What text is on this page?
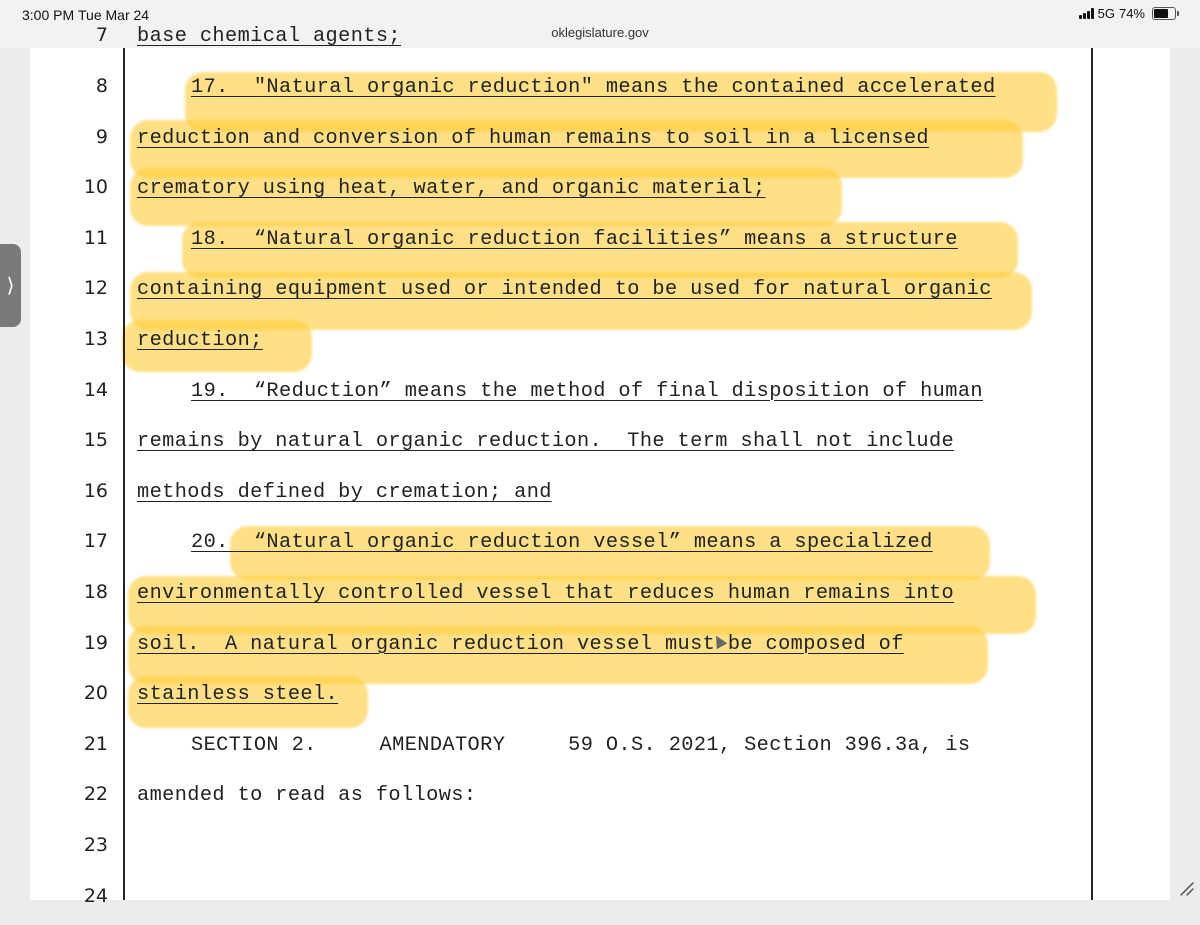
3:00 PM Tue Mar 24	5G 74%
oklegislature.gov
7 base chemical agents;
8	17.  "Natural organic reduction" means the contained accelerated
9 reduction and conversion of human remains to soil in a licensed
10 crematory using heat, water, and organic material;
11	18.  “Natural organic reduction facilities” means a structure
12 containing equipment used or intended to be used for natural organic
13 reduction;
14	19.  “Reduction” means the method of final disposition of human
15 remains by natural organic reduction.  The term shall not include
16 methods defined by cremation; and
17	20.  “Natural organic reduction vessel” means a specialized
18 environmentally controlled vessel that reduces human remains into
19 soil.  A natural organic reduction vessel must be composed of
20 stainless steel.
21	SECTION 2.     AMENDATORY     59 O.S. 2021, Section 396.3a, is
22 amended to read as follows:
23
24
⟩
